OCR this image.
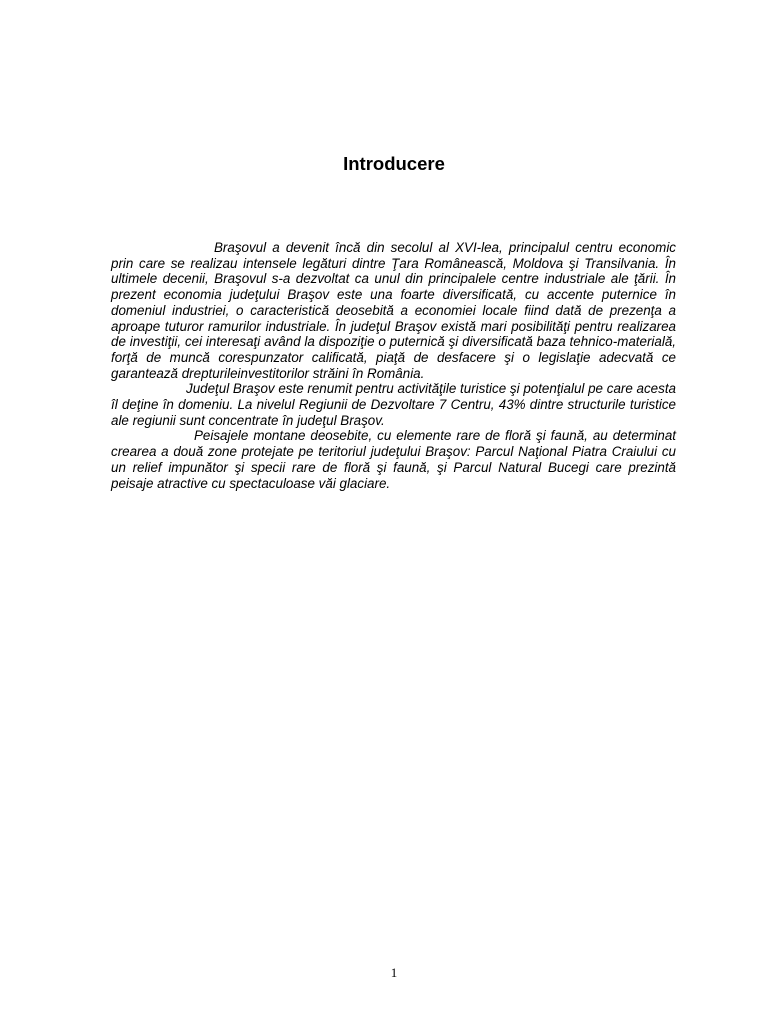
Introducere

Braşovul a devenit încă din secolul al XVI-lea, principalul centru economic prin care se realizau intensele legături dintre Ţara Românească, Moldova şi Transilvania. În ultimele decenii, Braşovul s-a dezvoltat ca unul din principalele centre industriale ale ţării. În prezent economia judeţului Braşov este una foarte diversificată, cu accente puternice în domeniul industriei, o caracteristică deosebită a economiei locale fiind dată de prezenţa a aproape tuturor ramurilor industriale. În judeţul Braşov există mari posibilităţi pentru realizarea de investiţii, cei interesaţi având la dispoziţie o puternică şi diversificată baza tehnico-materială, forţă de muncă corespunzator calificată, piaţă de desfacere şi o legislaţie adecvată ce garantează drepturileinvestitorilor străini în România.

Judeţul Braşov este renumit pentru activităţile turistice şi potenţialul pe care acesta îl deţine în domeniu. La nivelul Regiunii de Dezvoltare 7 Centru, 43% dintre structurile turistice ale regiunii sunt concentrate în judeţul Braşov.

Peisajele montane deosebite, cu elemente rare de floră şi faună, au determinat crearea a două zone protejate pe teritoriul judeţului Braşov: Parcul Naţional Piatra Craiului cu un relief impunător şi specii rare de floră şi faună, şi Parcul Natural Bucegi care prezintă peisaje atractive cu spectaculoase văi glaciare.

1
